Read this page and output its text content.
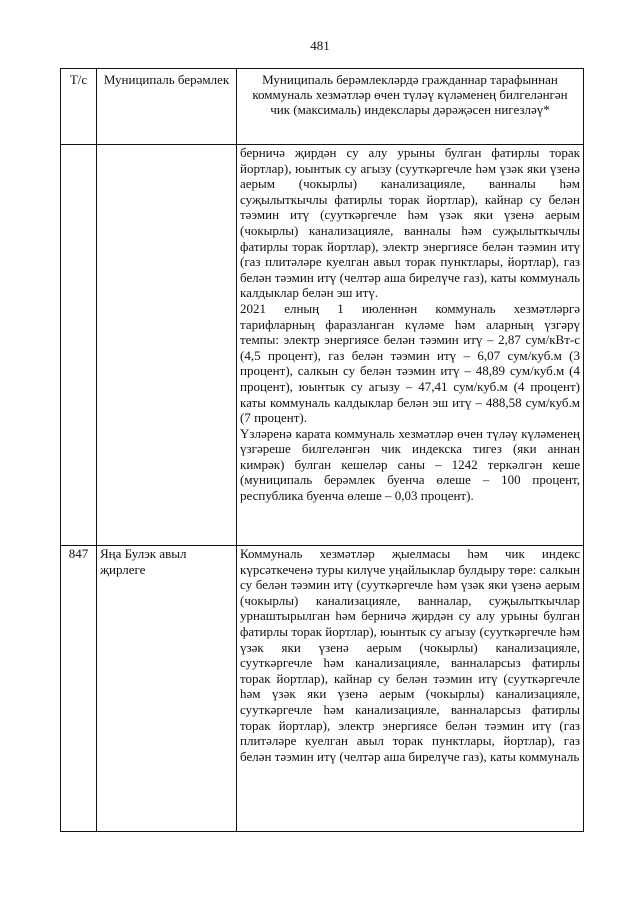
481
Т/с	Муниципаль берәмлек	Муниципаль берәмлекләрдә гражданнар тарафыннан коммуналь хезмәтләр өчен түләү күләменең билгеләнгән чик (максималь) индекслары дәрәҗәсен нигезләү*

		берничә җирдән су алу урыны булган фатирлы торак йортлар), юынтык су агызу (сууткәргечле һәм үзәк яки үзенә аерым (чокырлы) канализацияле, ванналы һәм суҗылыткычлы фатирлы торак йортлар), кайнар су белән тәэмин итү (сууткәргечле һәм үзәк яки үзенә аерым (чокырлы) канализацияле, ванналы һәм суҗылыткычлы фатирлы торак йортлар), электр энергиясе белән тәэмин итү (газ плитәләре куелган авыл торак пунктлары, йортлар), газ белән тәэмин итү (челтәр аша бирелүче газ), каты коммуналь калдыклар белән эш итү.

2021 елның 1 июленнән коммуналь хезмәтләргә тарифларның фаразланган күләме һәм аларның үзгәрү темпы: электр энергиясе белән тәэмин итү – 2,87 сум/кВт-с (4,5 процент), газ белән тәэмин итү – 6,07 сум/куб.м (3 процент), салкын су белән тәэмин итү – 48,89 сум/куб.м (4 процент), юынтык су агызу – 47,41 сум/куб.м (4 процент) каты коммуналь калдыклар белән эш итү – 488,58 сум/куб.м (7 процент).

Үзләренә карата коммуналь хезмәтләр өчен түләү күләменең үзгәреше билгеләнгән чик индекска тигез (яки аннан кимрәк) булган кешеләр саны – 1242 теркәлгән кеше (муниципаль берәмлек буенча өлеше – 100 процент, республика буенча өлеше – 0,03 процент).

847	Яңа Булэк авыл җирлеге	Коммуналь хезмәтләр җыелмасы һәм чик индекс күрсәткеченә туры килүче уңайлыклар булдыру төре: салкын су белән тәэмин итү (сууткәргечле һәм үзәк яки үзенә аерым (чокырлы) канализацияле, ванналар, суҗылыткычлар урнаштырылган һәм берничә җирдән су алу урыны булган фатирлы торак йортлар), юынтык су агызу (сууткәргечле һәм үзәк яки үзенә аерым (чокырлы) канализацияле, сууткәргечле һәм канализацияле, ванналарсыз фатирлы торак йортлар), кайнар су белән тәэмин итү (сууткәргечле һәм үзәк яки үзенә аерым (чокырлы) канализацияле, сууткәргечле һәм канализацияле, ванналарсыз фатирлы торак йортлар), электр энергиясе белән тәэмин итү (газ плитәләре куелган авыл торак пунктлары, йортлар), газ белән тәэмин итү (челтәр аша бирелүче газ), каты коммуналь
